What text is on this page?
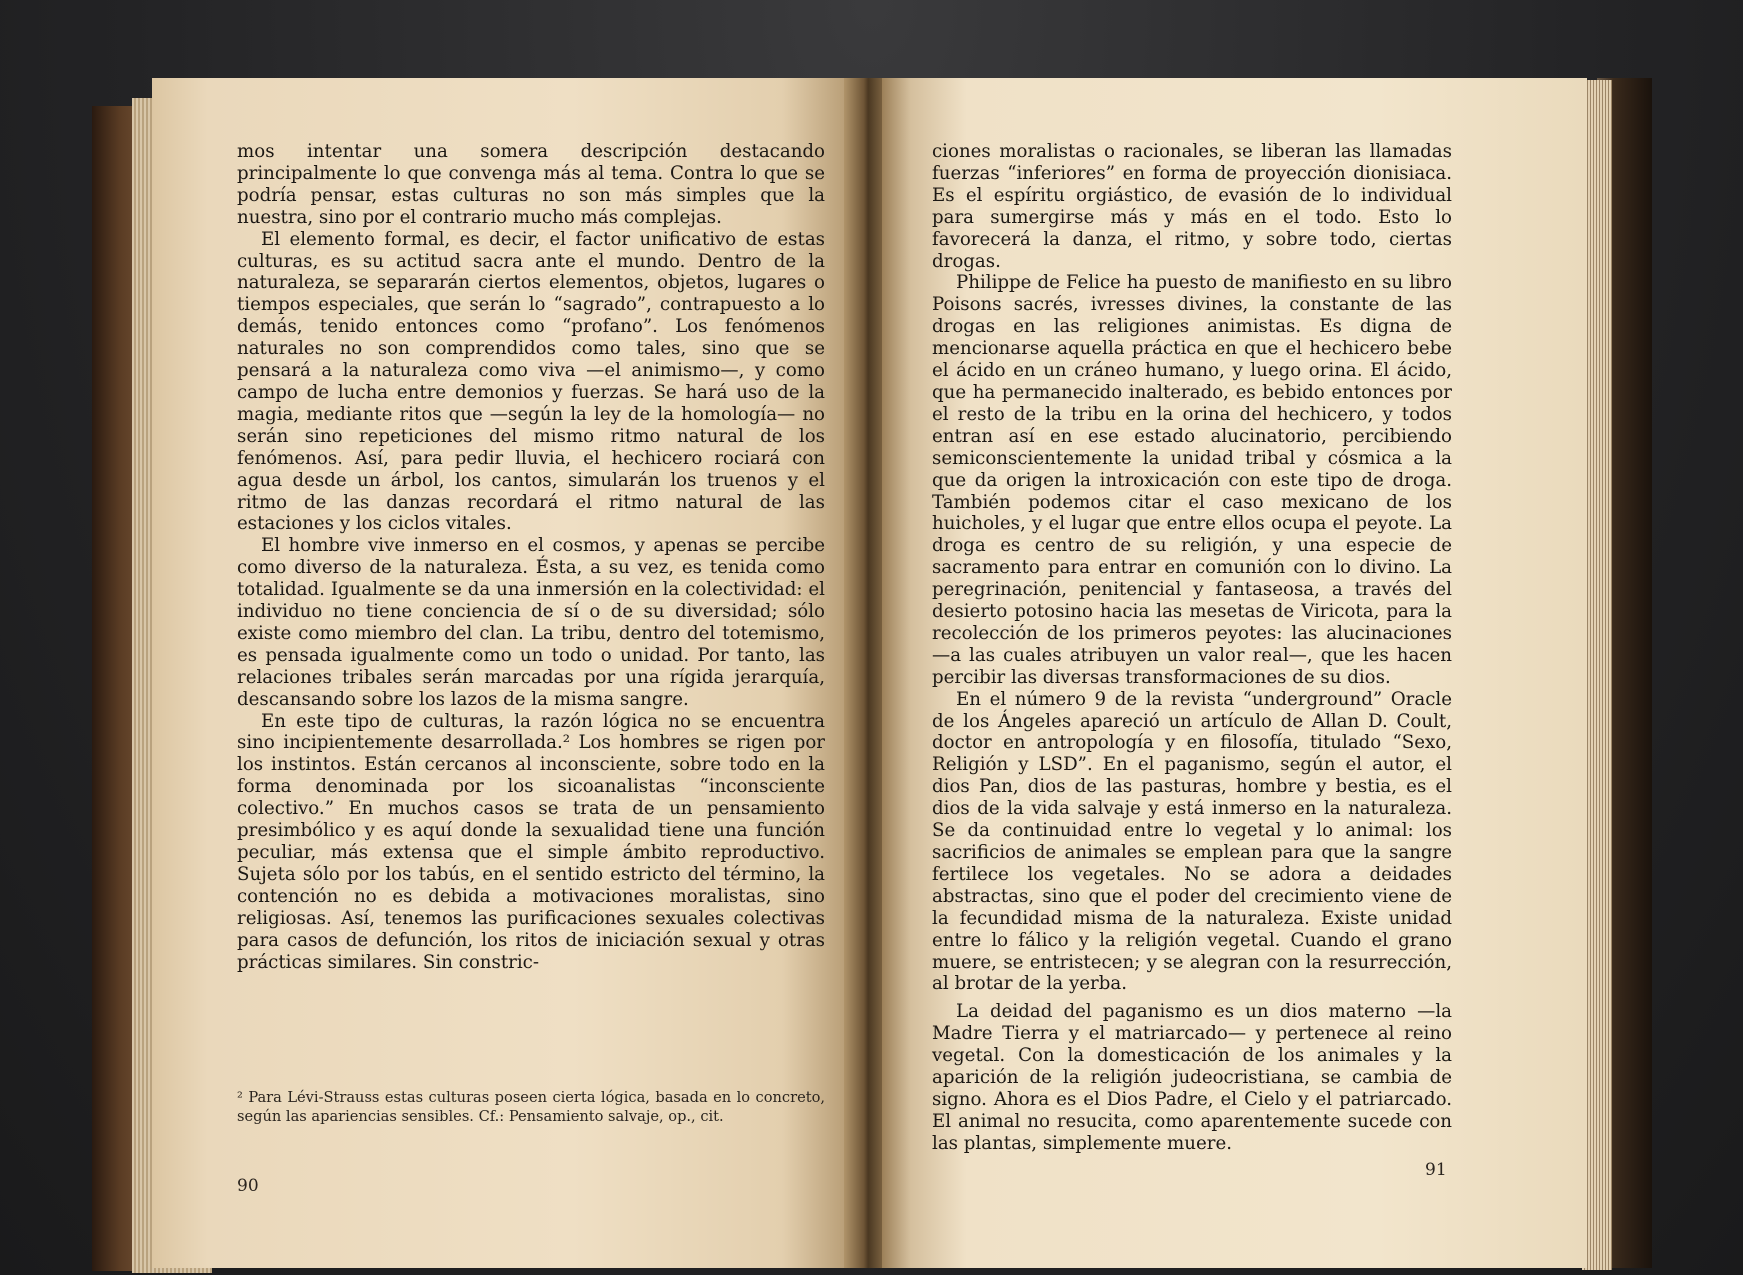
mos intentar una somera descripción destacando principalmente lo que convenga más al tema. Contra lo que se podría pensar, estas culturas no son más simples que la nuestra, sino por el contrario mucho más complejas.

El elemento formal, es decir, el factor unificativo de estas culturas, es su actitud sacra ante el mundo. Dentro de la naturaleza, se separarán ciertos elementos, objetos, lugares o tiempos especiales, que serán lo “sagrado”, contrapuesto a lo demás, tenido entonces como “profano”. Los fenómenos naturales no son comprendidos como tales, sino que se pensará a la naturaleza como viva —el animismo—, y como campo de lucha entre demonios y fuerzas. Se hará uso de la magia, mediante ritos que —según la ley de la homología— no serán sino repeticiones del mismo ritmo natural de los fenómenos. Así, para pedir lluvia, el hechicero rociará con agua desde un árbol, los cantos, simularán los truenos y el ritmo de las danzas recordará el ritmo natural de las estaciones y los ciclos vitales.

El hombre vive inmerso en el cosmos, y apenas se percibe como diverso de la naturaleza. Ésta, a su vez, es tenida como totalidad. Igualmente se da una inmersión en la colectividad: el individuo no tiene conciencia de sí o de su diversidad; sólo existe como miembro del clan. La tribu, dentro del totemismo, es pensada igualmente como un todo o unidad. Por tanto, las relaciones tribales serán marcadas por una rígida jerarquía, descansando sobre los lazos de la misma sangre.

En este tipo de culturas, la razón lógica no se encuentra sino incipientemente desarrollada.² Los hombres se rigen por los instintos. Están cercanos al inconsciente, sobre todo en la forma denominada por los sicoanalistas “inconsciente colectivo.” En muchos casos se trata de un pensamiento presimbólico y es aquí donde la sexualidad tiene una función peculiar, más extensa que el simple ámbito reproductivo. Sujeta sólo por los tabús, en el sentido estricto del término, la contención no es debida a motivaciones moralistas, sino religiosas. Así, tenemos las purificaciones sexuales colectivas para casos de defunción, los ritos de iniciación sexual y otras prácticas similares. Sin constric-

² Para Lévi-Strauss estas culturas poseen cierta lógica, basada en lo concreto, según las apariencias sensibles. Cf.: Pensamiento salvaje, op., cit.
90

ciones moralistas o racionales, se liberan las llamadas fuerzas “inferiores” en forma de proyección dionisiaca. Es el espíritu orgiástico, de evasión de lo individual para sumergirse más y más en el todo. Esto lo favorecerá la danza, el ritmo, y sobre todo, ciertas drogas.

Philippe de Felice ha puesto de manifiesto en su libro Poisons sacrés, ivresses divines, la constante de las drogas en las religiones animistas. Es digna de mencionarse aquella práctica en que el hechicero bebe el ácido en un cráneo humano, y luego orina. El ácido, que ha permanecido inalterado, es bebido entonces por el resto de la tribu en la orina del hechicero, y todos entran así en ese estado alucinatorio, percibiendo semiconscientemente la unidad tribal y cósmica a la que da origen la introxicación con este tipo de droga. También podemos citar el caso mexicano de los huicholes, y el lugar que entre ellos ocupa el peyote. La droga es centro de su religión, y una especie de sacramento para entrar en comunión con lo divino. La peregrinación, penitencial y fantaseosa, a través del desierto potosino hacia las mesetas de Viricota, para la recolección de los primeros peyotes: las alucinaciones —a las cuales atribuyen un valor real—, que les hacen percibir las diversas transformaciones de su dios.

En el número 9 de la revista “underground” Oracle de los Ángeles apareció un artículo de Allan D. Coult, doctor en antropología y en filosofía, titulado “Sexo, Religión y LSD”. En el paganismo, según el autor, el dios Pan, dios de las pasturas, hombre y bestia, es el dios de la vida salvaje y está inmerso en la naturaleza. Se da continuidad entre lo vegetal y lo animal: los sacrificios de animales se emplean para que la sangre fertilece los vegetales. No se adora a deidades abstractas, sino que el poder del crecimiento viene de la fecundidad misma de la naturaleza. Existe unidad entre lo fálico y la religión vegetal. Cuando el grano muere, se entristecen; y se alegran con la resurrección, al brotar de la yerba.

La deidad del paganismo es un dios materno —la Madre Tierra y el matriarcado— y pertenece al reino vegetal. Con la domesticación de los animales y la aparición de la religión judeocristiana, se cambia de signo. Ahora es el Dios Padre, el Cielo y el patriarcado. El animal no resucita, como aparentemente sucede con las plantas, simplemente muere.

91
